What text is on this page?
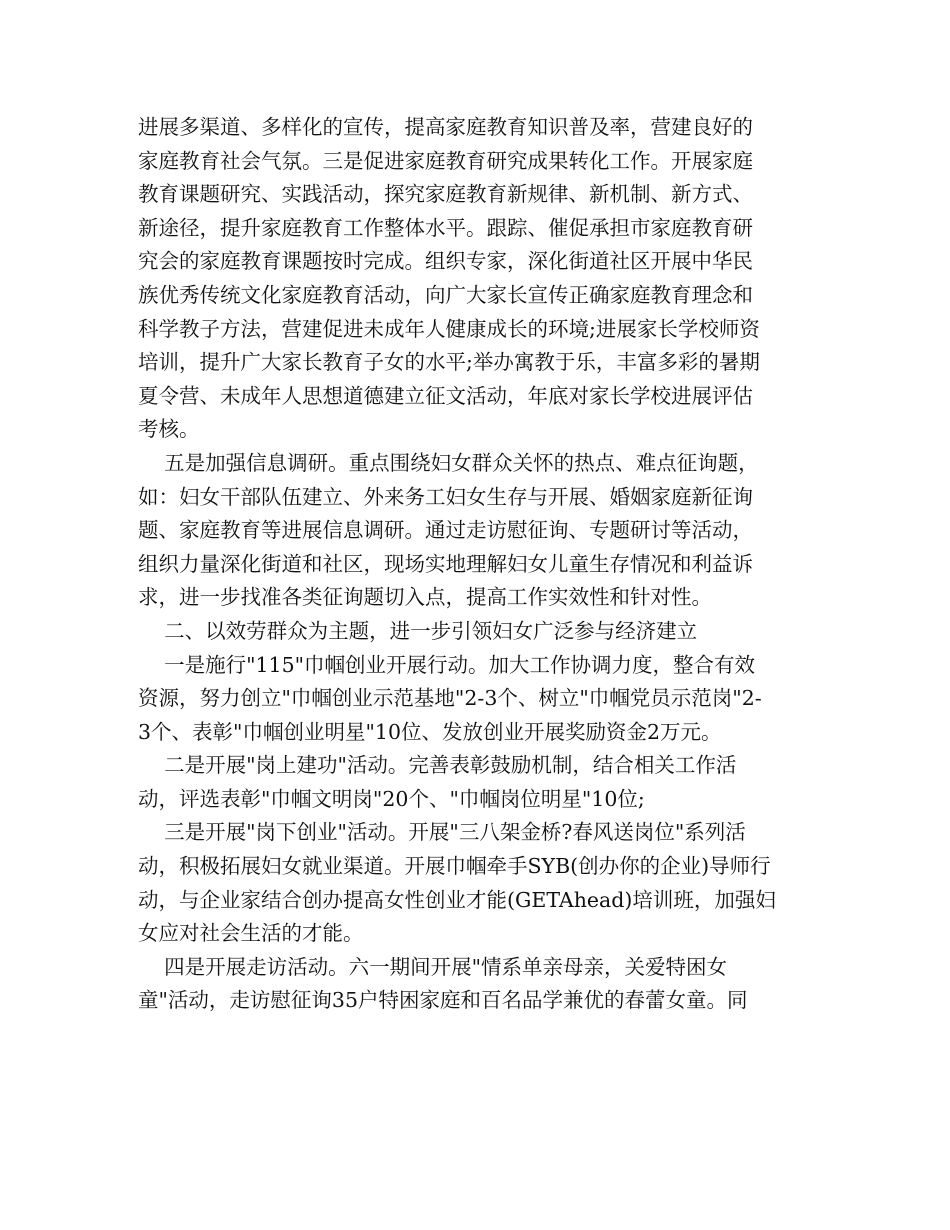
进展多渠道、多样化的宣传，提高家庭教育知识普及率，营建良好的
家庭教育社会气氛。三是促进家庭教育研究成果转化工作。开展家庭
教育课题研究、实践活动，探究家庭教育新规律、新机制、新方式、
新途径，提升家庭教育工作整体水平。跟踪、催促承担市家庭教育研
究会的家庭教育课题按时完成。组织专家，深化街道社区开展中华民
族优秀传统文化家庭教育活动，向广大家长宣传正确家庭教育理念和
科学教子方法，营建促进未成年人健康成长的环境;进展家长学校师资
培训，提升广大家长教育子女的水平;举办寓教于乐，丰富多彩的暑期
夏令营、未成年人思想道德建立征文活动，年底对家长学校进展评估
考核。
五是加强信息调研。重点围绕妇女群众关怀的热点、难点征询题，
如：妇女干部队伍建立、外来务工妇女生存与开展、婚姻家庭新征询
题、家庭教育等进展信息调研。通过走访慰征询、专题研讨等活动，
组织力量深化街道和社区，现场实地理解妇女儿童生存情况和利益诉
求，进一步找准各类征询题切入点，提高工作实效性和针对性。
二、以效劳群众为主题，进一步引领妇女广泛参与经济建立
一是施行"115"巾帼创业开展行动。加大工作协调力度，整合有效
资源，努力创立"巾帼创业示范基地"2-3个、树立"巾帼党员示范岗"2-
3个、表彰"巾帼创业明星"10位、发放创业开展奖励资金2万元。
二是开展"岗上建功"活动。完善表彰鼓励机制，结合相关工作活
动，评选表彰"巾帼文明岗"20个、"巾帼岗位明星"10位;
三是开展"岗下创业"活动。开展"三八架金桥?春风送岗位"系列活
动，积极拓展妇女就业渠道。开展巾帼牵手SYB(创办你的企业)导师行
动，与企业家结合创办提高女性创业才能(GETAhead)培训班，加强妇
女应对社会生活的才能。
四是开展走访活动。六一期间开展"情系单亲母亲，关爱特困女
童"活动，走访慰征询35户特困家庭和百名品学兼优的春蕾女童。同
